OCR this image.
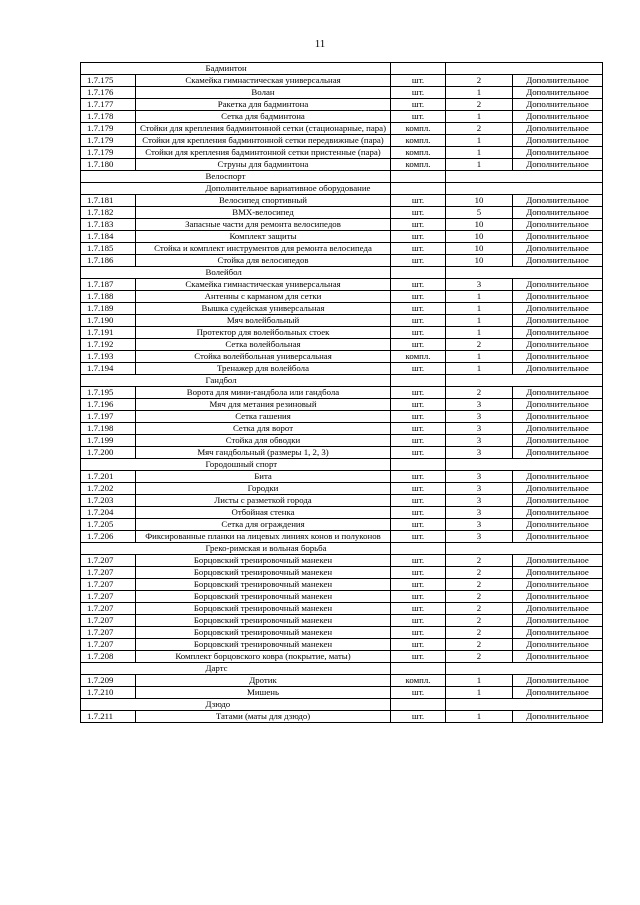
11
	Бадминтон			
1.7.175	Скамейка гимнастическая универсальная	шт.	2	Дополнительное
1.7.176	Волан	шт.	1	Дополнительное
1.7.177	Ракетка для бадминтона	шт.	2	Дополнительное
1.7.178	Сетка для бадминтона	шт.	1	Дополнительное
1.7.179	Стойки для крепления бадминтонной сетки (стационарные, пара)	компл.	2	Дополнительное
1.7.179	Стойки для крепления бадминтонной сетки передвижные (пара)	компл.	1	Дополнительное
1.7.179	Стойки для крепления бадминтонной сетки пристенные (пара)	компл.	1	Дополнительное
1.7.180	Струны для бадминтона	компл.	1	Дополнительное
	Велоспорт			
	Дополнительное вариативное оборудование			
1.7.181	Велосипед спортивный	шт.	10	Дополнительное
1.7.182	BMX-велосипед	шт.	5	Дополнительное
1.7.183	Запасные части для ремонта велосипедов	шт.	10	Дополнительное
1.7.184	Комплект защиты	шт.	10	Дополнительное
1.7.185	Стойка и комплект инструментов для ремонта велосипеда	шт.	10	Дополнительное
1.7.186	Стойка для велосипедов	шт.	10	Дополнительное
	Волейбол			
1.7.187	Скамейка гимнастическая универсальная	шт.	3	Дополнительное
1.7.188	Антенны с карманом для сетки	шт.	1	Дополнительное
1.7.189	Вышка судейская универсальная	шт.	1	Дополнительное
1.7.190	Мяч волейбольный	шт.	1	Дополнительное
1.7.191	Протектор для волейбольных стоек	шт.	1	Дополнительное
1.7.192	Сетка волейбольная	шт.	2	Дополнительное
1.7.193	Стойка волейбольная универсальная	компл.	1	Дополнительное
1.7.194	Тренажер для волейбола	шт.	1	Дополнительное
	Гандбол			
1.7.195	Ворота для мини-гандбола или гандбола	шт.	2	Дополнительное
1.7.196	Мяч для метания резиновый	шт.	3	Дополнительное
1.7.197	Сетка гашения	шт.	3	Дополнительное
1.7.198	Сетка для ворот	шт.	3	Дополнительное
1.7.199	Стойка для обводки	шт.	3	Дополнительное
1.7.200	Мяч гандбольный (размеры 1, 2, 3)	шт.	3	Дополнительное
	Городошный спорт			
1.7.201	Бита	шт.	3	Дополнительное
1.7.202	Городки	шт.	3	Дополнительное
1.7.203	Листы с разметкой города	шт.	3	Дополнительное
1.7.204	Отбойная стенка	шт.	3	Дополнительное
1.7.205	Сетка для ограждения	шт.	3	Дополнительное
1.7.206	Фиксированные планки на лицевых линиях конов и полуконов	шт.	3	Дополнительное
	Греко-римская и вольная борьба			
1.7.207	Борцовский тренировочный манекен	шт.	2	Дополнительное
1.7.207	Борцовский тренировочный манекен	шт.	2	Дополнительное
1.7.207	Борцовский тренировочный манекен	шт.	2	Дополнительное
1.7.207	Борцовский тренировочный манекен	шт.	2	Дополнительное
1.7.207	Борцовский тренировочный манекен	шт.	2	Дополнительное
1.7.207	Борцовский тренировочный манекен	шт.	2	Дополнительное
1.7.207	Борцовский тренировочный манекен	шт.	2	Дополнительное
1.7.207	Борцовский тренировочный манекен	шт.	2	Дополнительное
1.7.208	Комплект борцовского ковра (покрытие, маты)	шт.	2	Дополнительное
	Дартс			
1.7.209	Дротик	компл.	1	Дополнительное
1.7.210	Мишень	шт.	1	Дополнительное
	Дзюдо			
1.7.211	Татами (маты для дзюдо)	шт.	1	Дополнительное
